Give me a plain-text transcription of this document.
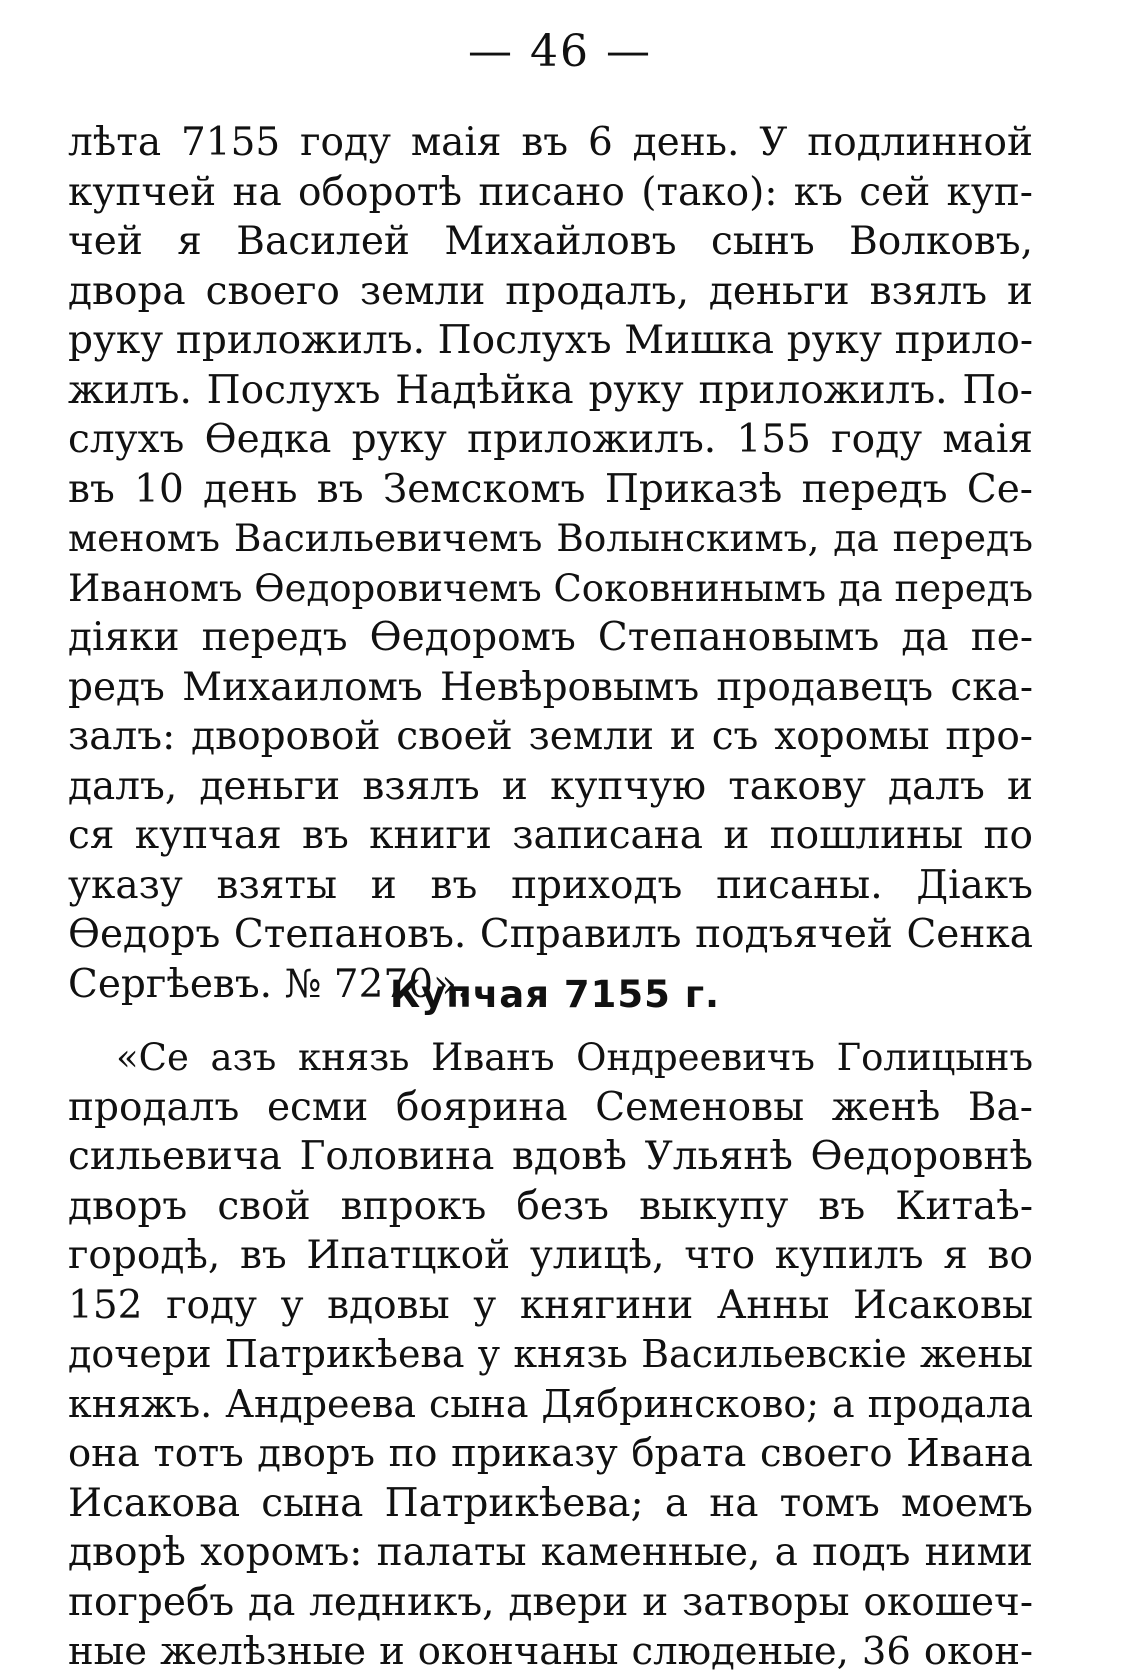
— 46 —
лѣта 7155 году маія въ 6 день. У подлинной
купчей на оборотѣ писано (тако): къ сей куп-
чей я Василей Михайловъ сынъ Волковъ,
двора своего земли продалъ, деньги взялъ и
руку приложилъ. Послухъ Мишка руку прило-
жилъ. Послухъ Надѣйка руку приложилъ. По-
слухъ Ѳедка руку приложилъ. 155 году маія
въ 10 день въ Земскомъ Приказѣ передъ Се-
меномъ Васильевичемъ Волынскимъ, да передъ
Иваномъ Ѳедоровичемъ Соковнинымъ да передъ
діяки передъ Ѳедоромъ Степановымъ да пе-
редъ Михаиломъ Невѣровымъ продавецъ ска-
залъ: дворовой своей земли и съ хоромы про-
далъ, деньги взялъ и купчую такову далъ и
ся купчая въ книги записана и пошлины по
указу взяты и въ приходъ писаны. Діакъ
Ѳедоръ Степановъ. Справилъ подъячей Сенка
Сергѣевъ. № 7270».
Купчая 7155 г.
«Се азъ князь Иванъ Ондреевичъ Голицынъ
продалъ есми боярина Семеновы женѣ Ва-
сильевича Головина вдовѣ Ульянѣ Ѳедоровнѣ
дворъ свой впрокъ безъ выкупу въ Китаѣ-
городѣ, въ Ипатцкой улицѣ, что купилъ я во
152 году у вдовы у княгини Анны Исаковы
дочери Патрикѣева у князь Васильевскіе жены
княжъ. Андреева сына Дябринсково; а продала
она тотъ дворъ по приказу брата своего Ивана
Исакова сына Патрикѣева; а на томъ моемъ
дворѣ хоромъ: палаты каменные, а подъ ними
погребъ да ледникъ, двери и затворы окошеч-
ные желѣзные и окончаны слюденые, 36 окон-
